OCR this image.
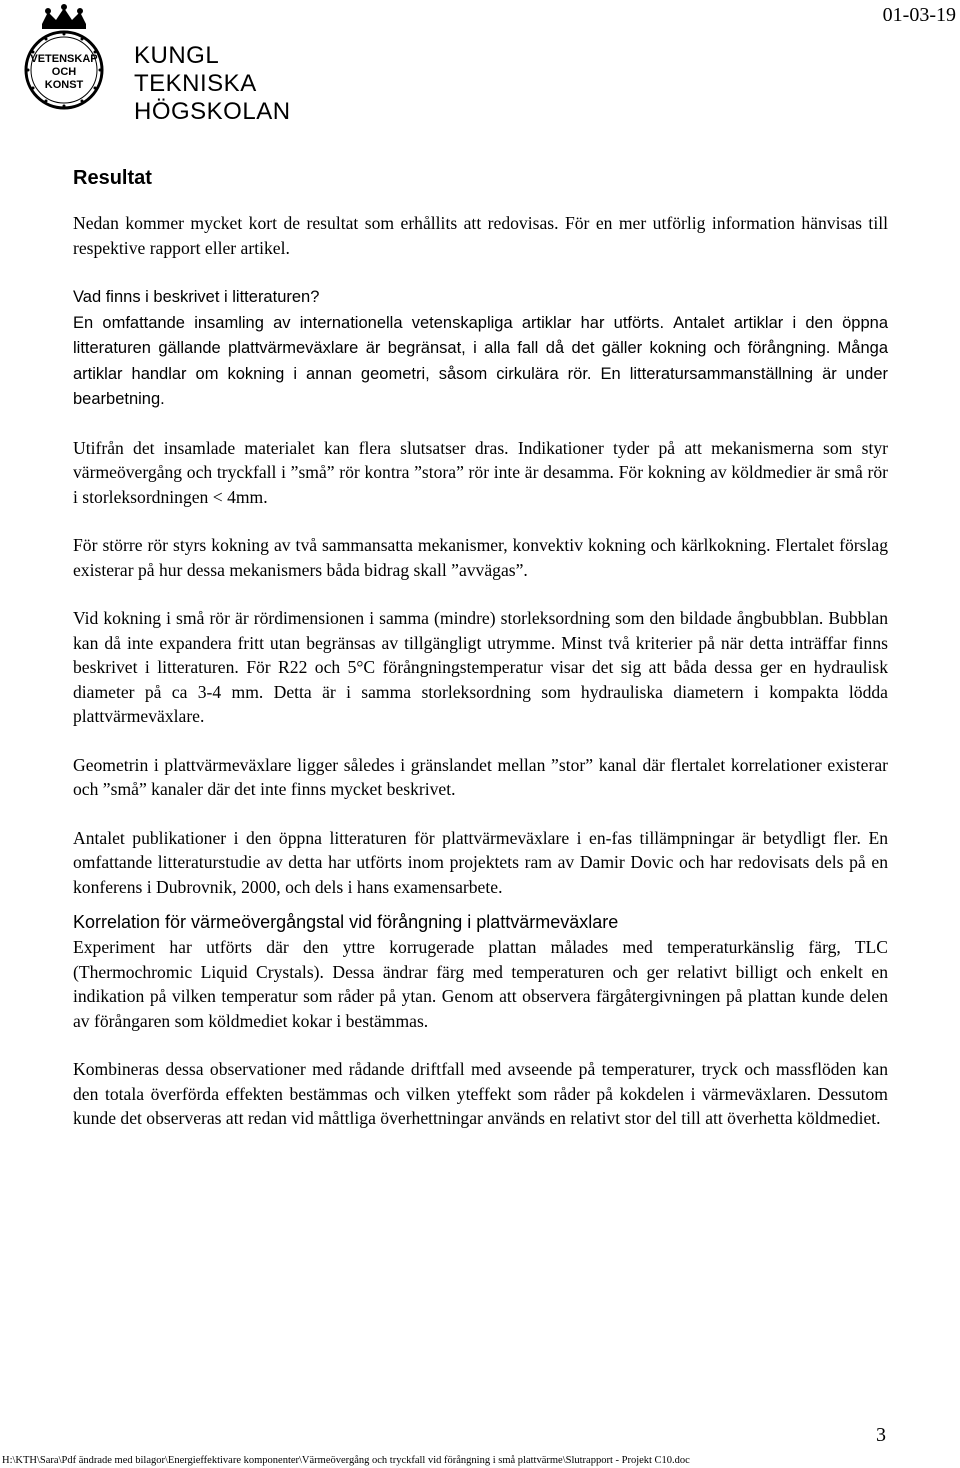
VETENSKAP
OCH
KONST
KUNGL
TEKNISKA
HÖGSKOLAN
01-03-19
Resultat

Nedan kommer mycket kort de resultat som erhållits att redovisas. För en mer utförlig information hänvisas till respektive rapport eller artikel.

Vad finns i beskrivet i litteraturen?
En omfattande insamling av internationella vetenskapliga artiklar har utförts. Antalet artiklar i den öppna litteraturen gällande plattvärmeväxlare är begränsat, i alla fall då det gäller kokning och förångning. Många artiklar handlar om kokning i annan geometri, såsom cirkulära rör. En litteratursammanställning är under bearbetning.

Utifrån det insamlade materialet kan flera slutsatser dras. Indikationer tyder på att mekanismerna som styr värmeövergång och tryckfall i ”små” rör kontra ”stora” rör inte är desamma. För kokning av köldmedier är små rör i storleksordningen < 4mm.

För större rör styrs kokning av två sammansatta mekanismer, konvektiv kokning och kärlkokning. Flertalet förslag existerar på hur dessa mekanismers båda bidrag skall ”avvägas”.

Vid kokning i små rör är rördimensionen i samma (mindre) storleksordning som den bildade ångbubblan. Bubblan kan då inte expandera fritt utan begränsas av tillgängligt utrymme. Minst två kriterier på när detta inträffar finns beskrivet i litteraturen. För R22 och 5°C förångningstemperatur visar det sig att båda dessa ger en hydraulisk diameter på ca 3-4 mm. Detta är i samma storleksordning som hydrauliska diametern i kompakta lödda plattvärmeväxlare.

Geometrin i plattvärmeväxlare ligger således i gränslandet mellan ”stor” kanal där flertalet korrelationer existerar och ”små” kanaler där det inte finns mycket beskrivet.

Antalet publikationer i den öppna litteraturen för plattvärmeväxlare i en-fas tillämpningar är betydligt fler. En omfattande litteraturstudie av detta har utförts inom projektets ram av Damir Dovic och har redovisats dels på en konferens i Dubrovnik, 2000, och dels i hans examensarbete.

Korrelation för värmeövergångstal vid förångning i plattvärmeväxlare

Experiment har utförts där den yttre korrugerade plattan målades med temperaturkänslig färg, TLC (Thermochromic Liquid Crystals). Dessa ändrar färg med temperaturen och ger relativt billigt och enkelt en indikation på vilken temperatur som råder på ytan. Genom att observera färgåtergivningen på plattan kunde delen av förångaren som köldmediet kokar i bestämmas.

Kombineras dessa observationer med rådande driftfall med avseende på temperaturer, tryck och massflöden kan den totala överförda effekten bestämmas och vilken yteffekt som råder på kokdelen i värmeväxlaren. Dessutom kunde det observeras att redan vid måttliga överhettningar används en relativt stor del till att överhetta köldmediet.

3
H:\KTH\Sara\Pdf ändrade med bilagor\Energieffektivare komponenter\Värmeövergång och tryckfall vid förångning i små plattvärme\Slutrapport - Projekt C10.doc
